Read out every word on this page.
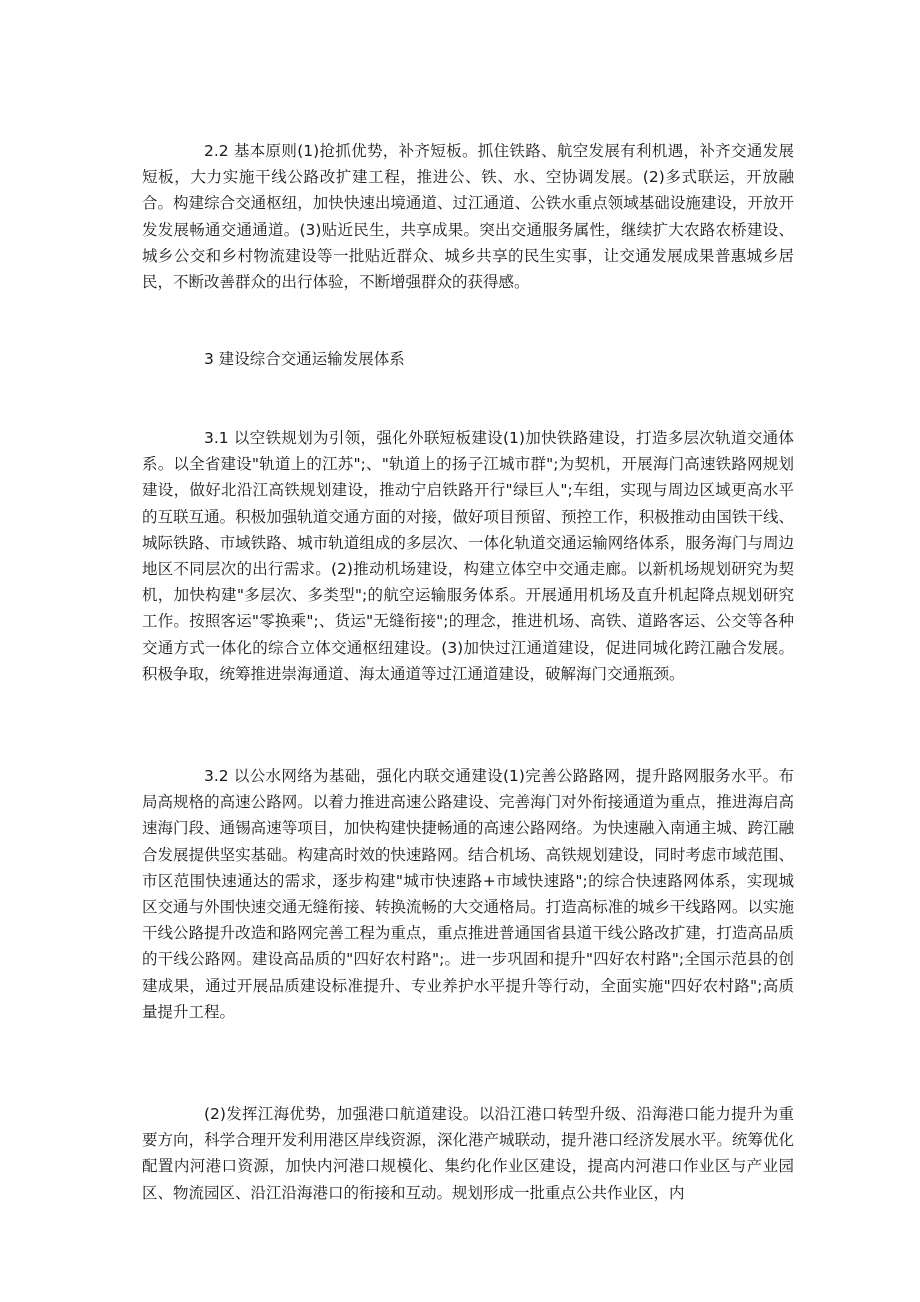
2.2 基本原则(1)抢抓优势，补齐短板。抓住铁路、航空发展有利机遇，补齐交通发展短板，大力实施干线公路改扩建工程，推进公、铁、水、空协调发展。(2)多式联运，开放融合。构建综合交通枢纽，加快快速出境通道、过江通道、公铁水重点领域基础设施建设，开放开发发展畅通交通通道。(3)贴近民生，共享成果。突出交通服务属性，继续扩大农路农桥建设、城乡公交和乡村物流建设等一批贴近群众、城乡共享的民生实事，让交通发展成果普惠城乡居民，不断改善群众的出行体验，不断增强群众的获得感。

3 建设综合交通运输发展体系

3.1 以空铁规划为引领，强化外联短板建设(1)加快铁路建设，打造多层次轨道交通体系。以全省建设"轨道上的江苏";、"轨道上的扬子江城市群";为契机，开展海门高速铁路网规划建设，做好北沿江高铁规划建设，推动宁启铁路开行"绿巨人";车组，实现与周边区域更高水平的互联互通。积极加强轨道交通方面的对接，做好项目预留、预控工作，积极推动由国铁干线、城际铁路、市域铁路、城市轨道组成的多层次、一体化轨道交通运输网络体系，服务海门与周边地区不同层次的出行需求。(2)推动机场建设，构建立体空中交通走廊。以新机场规划研究为契机，加快构建"多层次、多类型";的航空运输服务体系。开展通用机场及直升机起降点规划研究工作。按照客运"零换乘";、货运"无缝衔接";的理念，推进机场、高铁、道路客运、公交等各种交通方式一体化的综合立体交通枢纽建设。(3)加快过江通道建设，促进同城化跨江融合发展。积极争取，统筹推进崇海通道、海太通道等过江通道建设，破解海门交通瓶颈。

3.2 以公水网络为基础，强化内联交通建设(1)完善公路路网，提升路网服务水平。布局高规格的高速公路网。以着力推进高速公路建设、完善海门对外衔接通道为重点，推进海启高速海门段、通锡高速等项目，加快构建快捷畅通的高速公路网络。为快速融入南通主城、跨江融合发展提供坚实基础。构建高时效的快速路网。结合机场、高铁规划建设，同时考虑市域范围、市区范围快速通达的需求，逐步构建"城市快速路+市域快速路";的综合快速路网体系，实现城区交通与外围快速交通无缝衔接、转换流畅的大交通格局。打造高标准的城乡干线路网。以实施干线公路提升改造和路网完善工程为重点，重点推进普通国省县道干线公路改扩建，打造高品质的干线公路网。建设高品质的"四好农村路";。进一步巩固和提升"四好农村路";全国示范县的创建成果，通过开展品质建设标准提升、专业养护水平提升等行动，全面实施"四好农村路";高质量提升工程。

(2)发挥江海优势，加强港口航道建设。以沿江港口转型升级、沿海港口能力提升为重要方向，科学合理开发利用港区岸线资源，深化港产城联动，提升港口经济发展水平。统筹优化配置内河港口资源，加快内河港口规模化、集约化作业区建设，提高内河港口作业区与产业园区、物流园区、沿江沿海港口的衔接和互动。规划形成一批重点公共作业区，内
